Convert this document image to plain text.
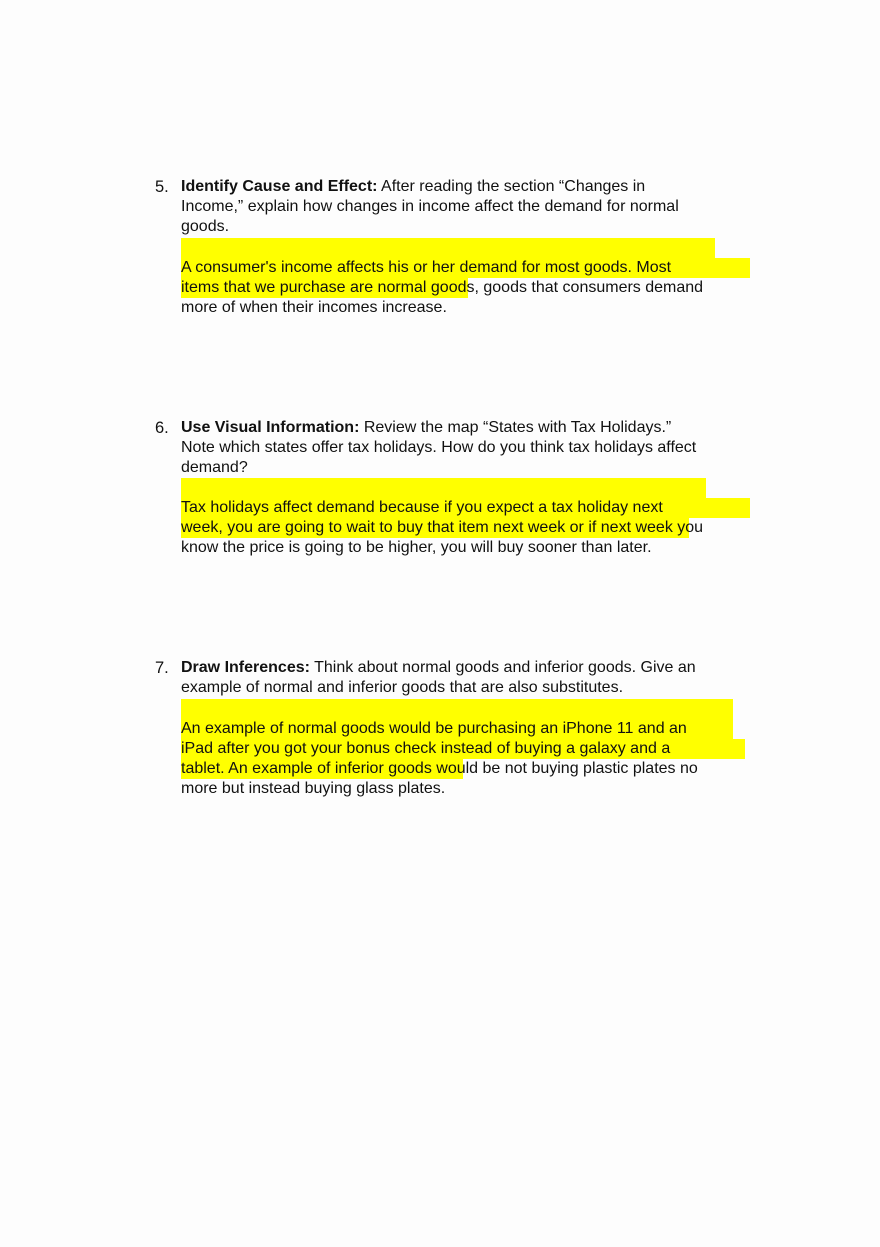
5. Identify Cause and Effect: After reading the section “Changes in
Income,” explain how changes in income affect the demand for normal
goods.
A consumer's income affects his or her demand for most goods. Most
items that we purchase are normal goods, goods that consumers demand
more of when their incomes increase.
6. Use Visual Information: Review the map “States with Tax Holidays.”
Note which states offer tax holidays. How do you think tax holidays affect
demand?
Tax holidays affect demand because if you expect a tax holiday next
week, you are going to wait to buy that item next week or if next week you
know the price is going to be higher, you will buy sooner than later.
7. Draw Inferences: Think about normal goods and inferior goods. Give an
example of normal and inferior goods that are also substitutes.
An example of normal goods would be purchasing an iPhone 11 and an
iPad after you got your bonus check instead of buying a galaxy and a
tablet. An example of inferior goods would be not buying plastic plates no
more but instead buying glass plates.
